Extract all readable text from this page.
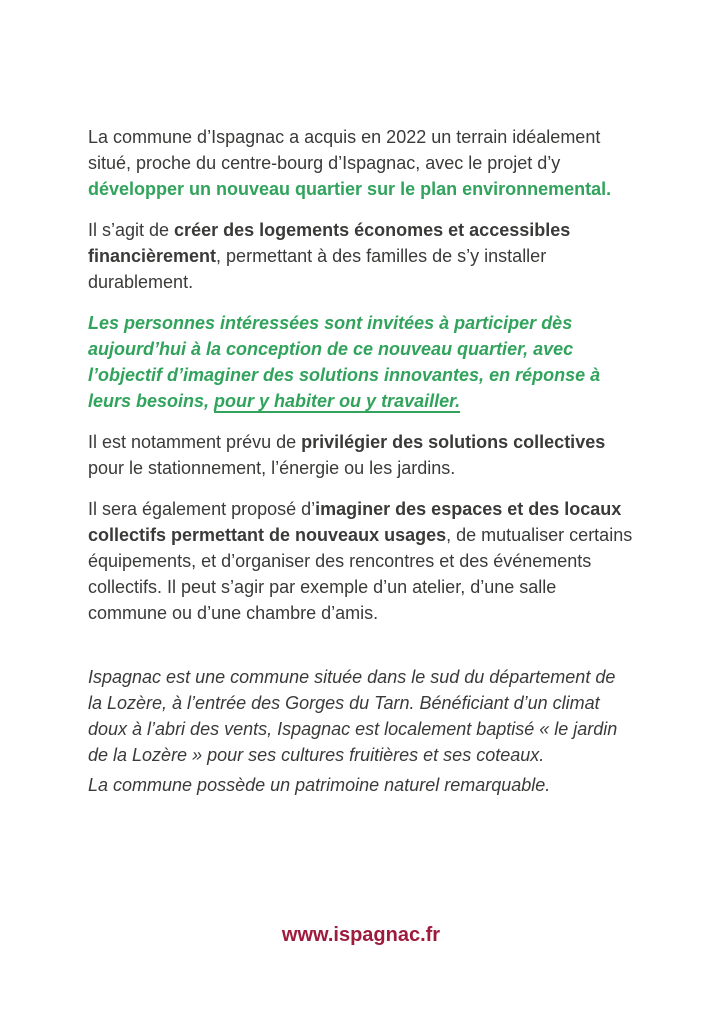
La commune d’Ispagnac a acquis en 2022 un terrain idéalement situé, proche du centre-bourg d’Ispagnac, avec le projet d’y développer un nouveau quartier sur le plan environnemental.

Il s’agit de créer des logements économes et accessibles financièrement, permettant à des familles de s’y installer durablement.

Les personnes intéressées sont invitées à participer dès aujourd’hui à la conception de ce nouveau quartier, avec l’objectif d’imaginer des solutions innovantes, en réponse à leurs besoins, pour y habiter ou y travailler.

Il est notamment prévu de privilégier des solutions collectives pour le stationnement, l’énergie ou les jardins.

Il sera également proposé d’imaginer des espaces et des locaux collectifs permettant de nouveaux usages, de mutualiser certains équipements, et d’organiser des rencontres et des événements collectifs. Il peut s’agir par exemple d’un atelier, d’une salle commune ou d’une chambre d’amis.

Ispagnac est une commune située dans le sud du département de la Lozère, à l’entrée des Gorges du Tarn. Bénéficiant d’un climat doux à l’abri des vents, Ispagnac est localement baptisé « le jardin de la Lozère » pour ses cultures fruitières et ses coteaux.

La commune possède un patrimoine naturel remarquable.

www.ispagnac.fr
